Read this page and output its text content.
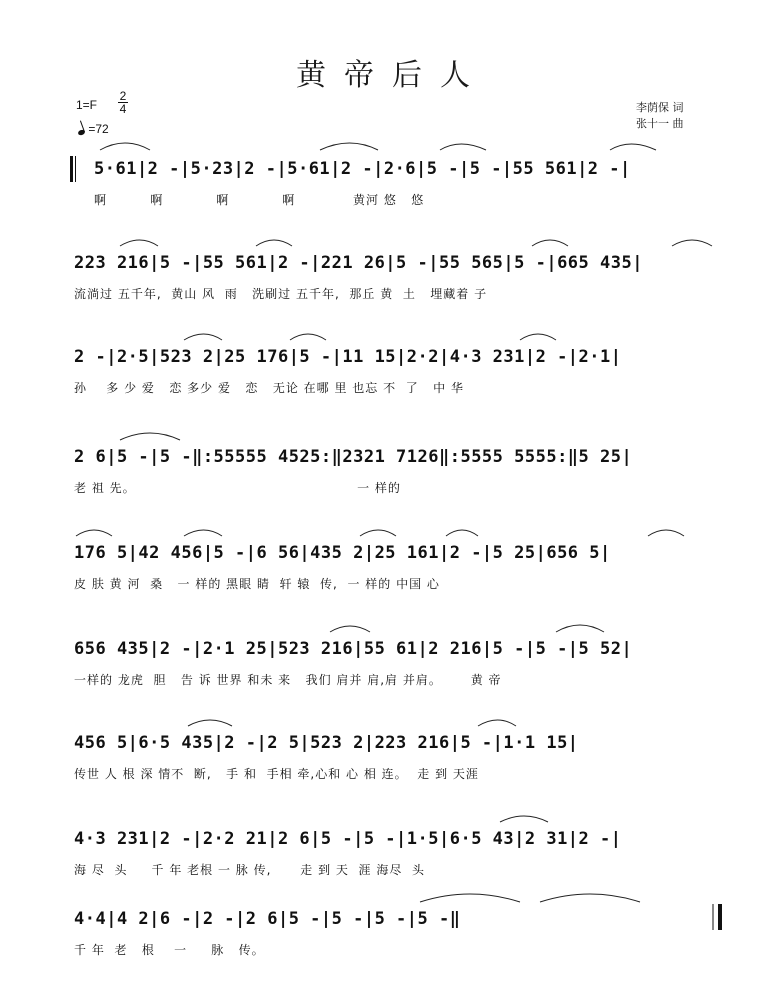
黄帝后人
1=F
2
4
=72
李荫保 词
张十一 曲
5·61|2 -|5·23|2 -|5·61|2 -|2·6|5 -|5 -|55 561|2 -|
啊         啊           啊           啊            黄河 悠   悠
223 216|5 -|55 561|2 -|221 26|5 -|55 565|5 -|665 435|
流淌过 五千年,  黄山 风  雨   洗刷过 五千年,  那丘 黄  土   埋藏着 子
2 -|2·5|523 2|25 176|5 -|11 15|2·2|4·3 231|2 -|2·1|
孙    多 少 爱   恋 多少 爱   恋   无论 在哪 里 也忘 不  了   中 华
2 6|5 -|5 -‖:55555 4525:‖2321 7126‖:5555 5555:‖5 25|
老 祖 先。                                              一 样的
176 5|42 456|5 -|6 56|435 2|25 161|2 -|5 25|656 5|
皮 肤 黄 河  桑   一 样的 黑眼 睛  轩 辕  传,  一 样的 中国 心
656 435|2 -|2·1 25|523 216|55 61|2 216|5 -|5 -|5 52|
一样的 龙虎  胆   告 诉 世界 和未 来   我们 肩并 肩,肩 并肩。      黄 帝
456 5|6·5 435|2 -|2 5|523 2|223 216|5 -|1·1 15|
传世 人 根 深 情不  断,   手 和  手相 牵,心和 心 相 连。  走 到 天涯
4·3 231|2 -|2·2 21|2 6|5 -|5 -|1·5|6·5 43|2 31|2 -|
海 尽  头     千 年 老根 一 脉 传,      走 到 天  涯 海尽  头
4·4|4 2|6 -|2 -|2 6|5 -|5 -|5 -|5 -‖
千 年  老   根    一     脉   传。
